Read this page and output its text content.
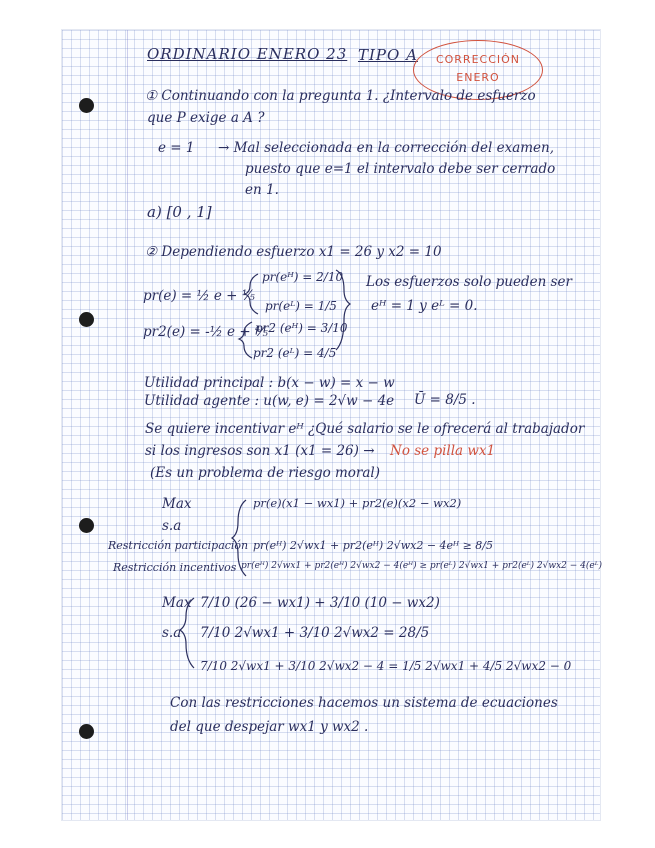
ORDINARIO ENERO 23 TIPO A	CORRECCIÓN
ENERO
① Continuando con la pregunta 1. ¿Intervalo de esfuerzo
que P exige a A ?
e = 1 → Mal seleccionada en la corrección del examen,
puesto que e=1 el intervalo debe ser cerrado
en 1.
a) [0 , 1]
② Dependiendo esfuerzo x1 = 26 y x2 = 10
pr(e) = ½ e + ⅕
pr2(e) = -½ e + ⅘
pr(eᴴ) = 2/10
pr(eᴸ) = 1/5
pr2 (eᴴ) = 3/10
pr2 (eᴸ) = 4/5
Los esfuerzos solo pueden ser
eᴴ = 1 y eᴸ = 0.
Utilidad principal : b(x − w) = x − w
Utilidad agente : u(w, e) = 2√w − 4e Ū = 8/5 .
Se quiere incentivar eᴴ ¿Qué salario se le ofrecerá al trabajador
si los ingresos son x1 (x1 = 26) → No se pilla wx1
(Es un problema de riesgo moral)
Max	pr(e)(x1 − wx1) + pr2(e)(x2 − wx2)
s.a
Restricción participación pr(eᴴ) 2√wx1 + pr2(eᴴ) 2√wx2 − 4eᴴ ≥ 8/5
Restricción incentivos pr(eᴴ) 2√wx1 + pr2(eᴴ) 2√wx2 − 4(eᴴ) ≥ pr(eᴸ) 2√wx1 + pr2(eᴸ) 2√wx2 − 4(eᴸ)
Max 7/10 (26 − wx1) + 3/10 (10 − wx2)
s.a 7/10 2√wx1 + 3/10 2√wx2 = 28/5
7/10 2√wx1 + 3/10 2√wx2 − 4 = 1/5 2√wx1 + 4/5 2√wx2 − 0
Con las restricciones hacemos un sistema de ecuaciones
del que despejar wx1 y wx2 .
